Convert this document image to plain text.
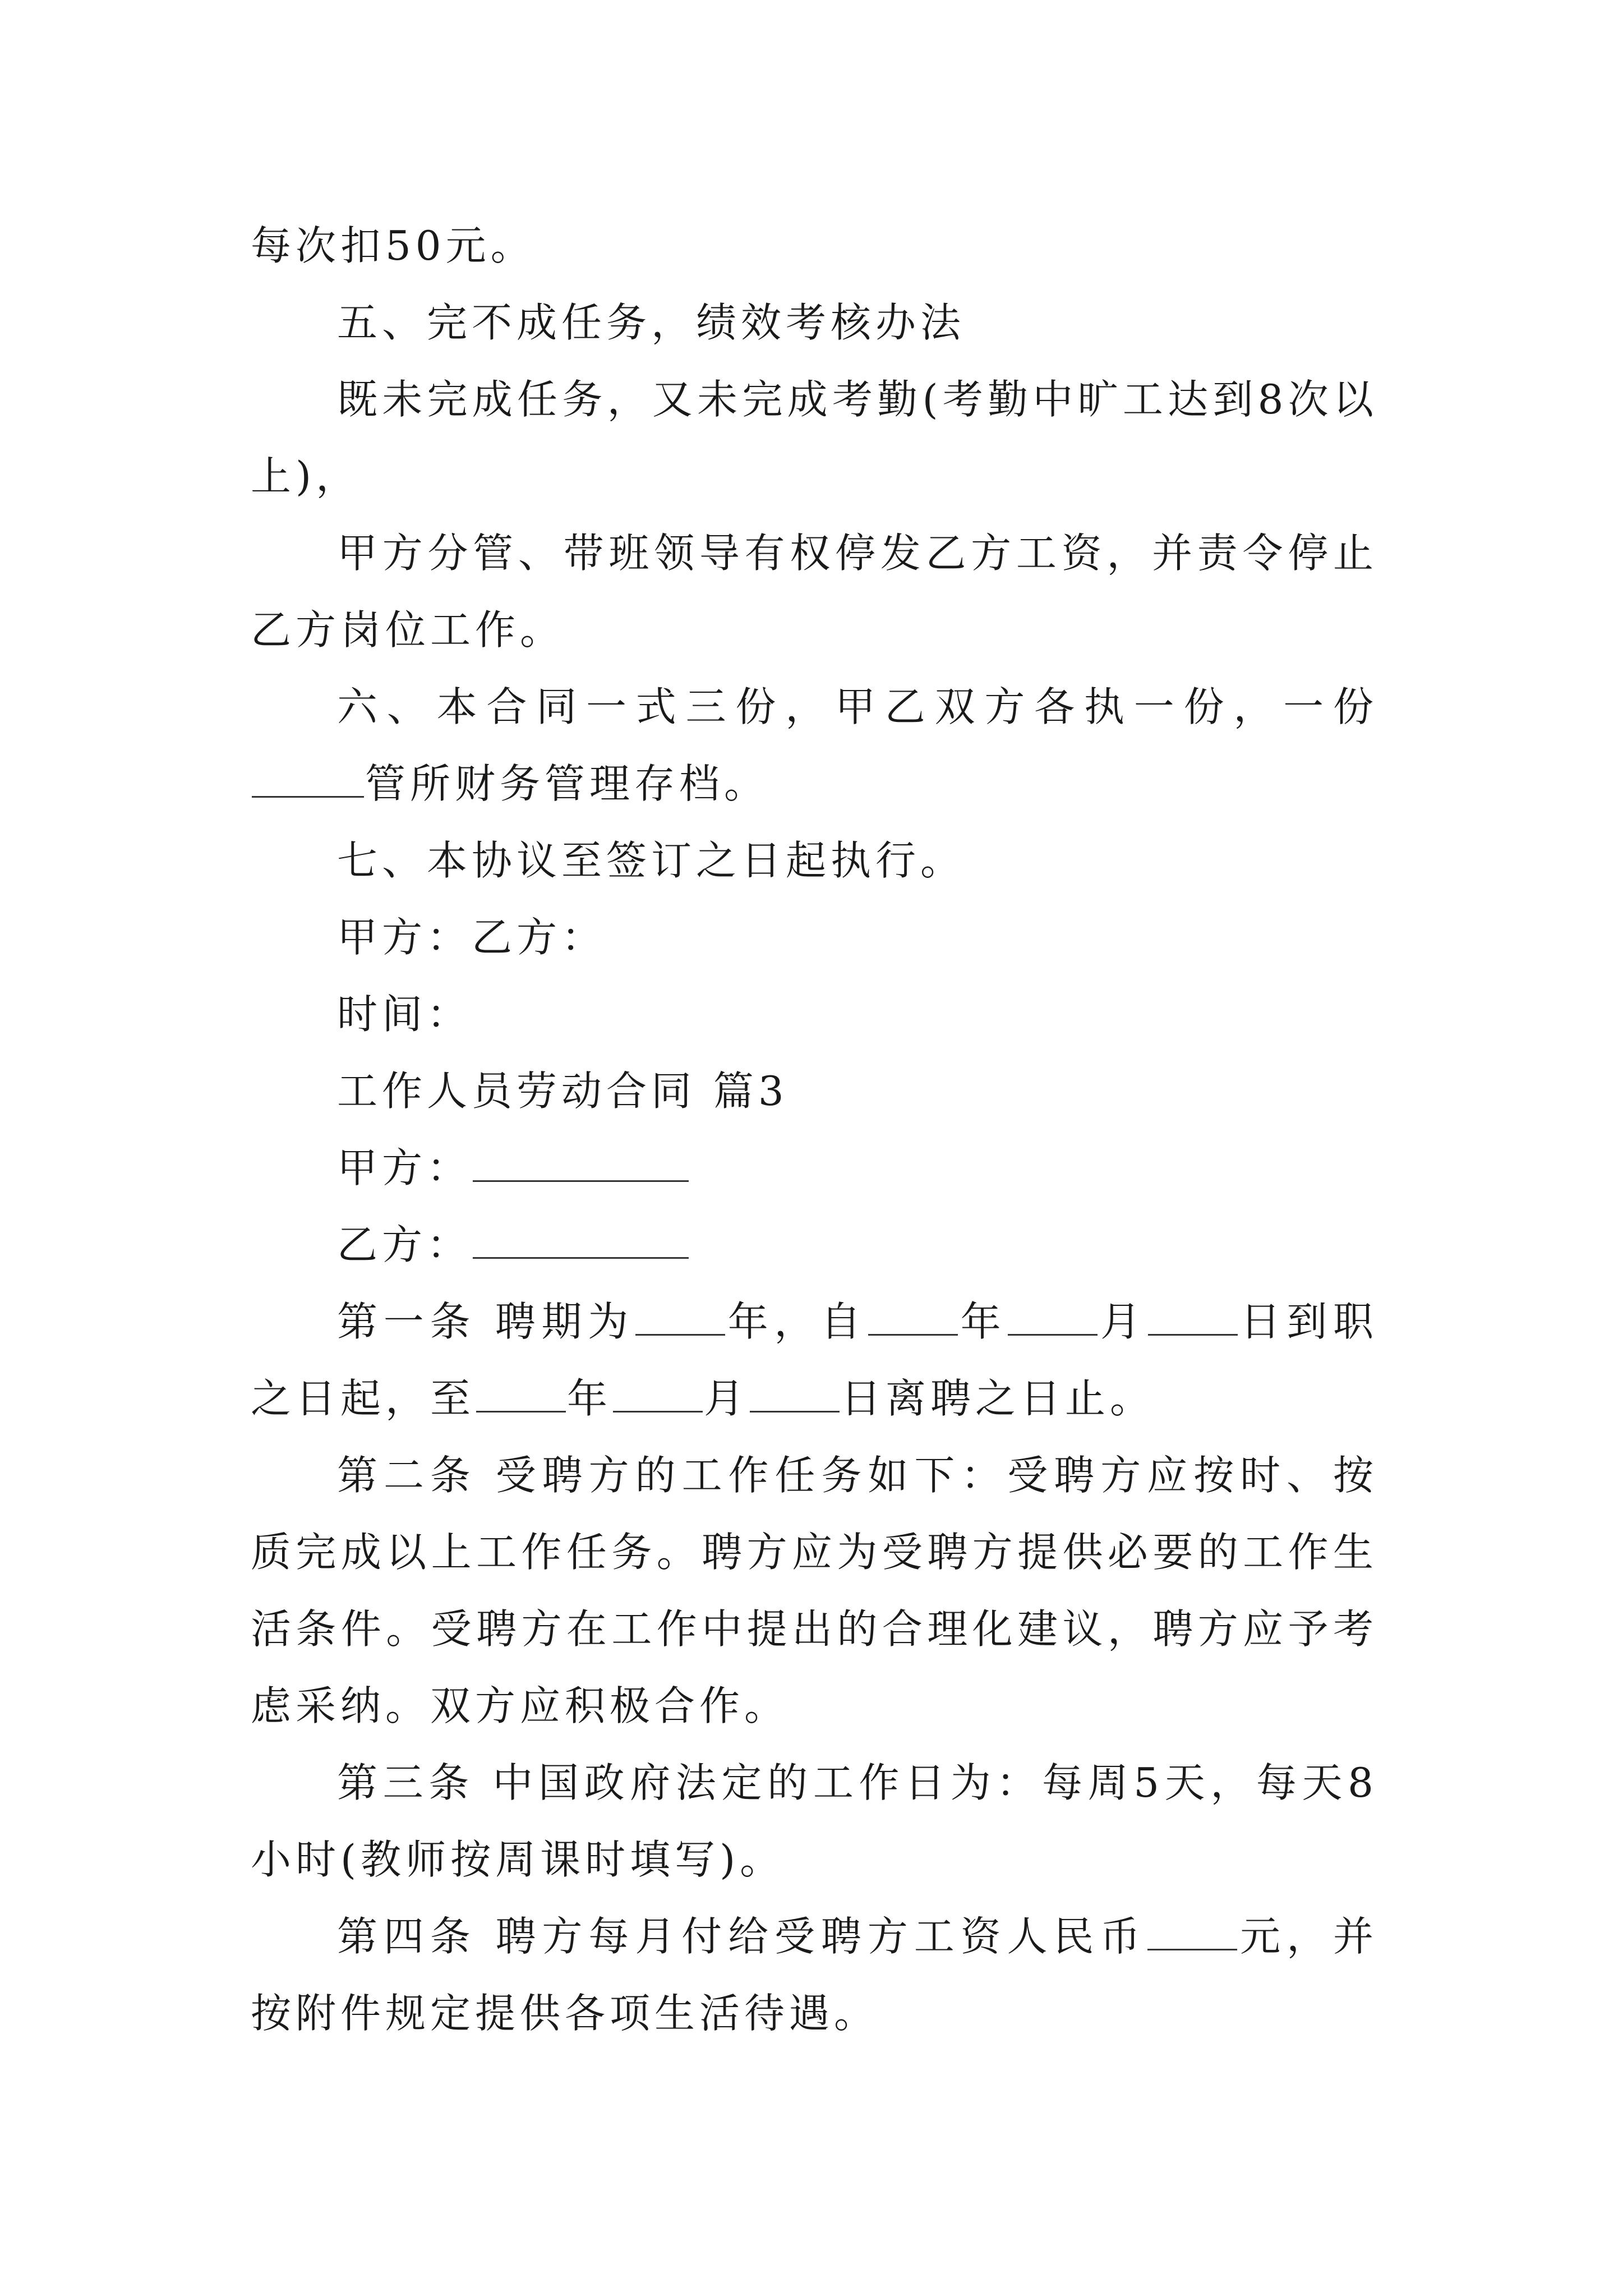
每次扣50元。

五、完不成任务，绩效考核办法

既未完成任务，又未完成考勤(考勤中旷工达到8次以上)，

甲方分管、带班领导有权停发乙方工资，并责令停止乙方岗位工作。

六、本合同一式三份，甲乙双方各执一份，一份管所财务管理存档。

七、本协议至签订之日起执行。

甲方：乙方：

时间：

工作人员劳动合同 篇3

甲方：

乙方：

第一条 聘期为 年，自 年 月 日到职之日起，至 年 月 日离聘之日止。

第二条 受聘方的工作任务如下：受聘方应按时、按质完成以上工作任务。聘方应为受聘方提供必要的工作生活条件。受聘方在工作中提出的合理化建议，聘方应予考虑采纳。双方应积极合作。

第三条 中国政府法定的工作日为：每周5天，每天8小时(教师按周课时填写)。

第四条 聘方每月付给受聘方工资人民币 元，并按附件规定提供各项生活待遇。
